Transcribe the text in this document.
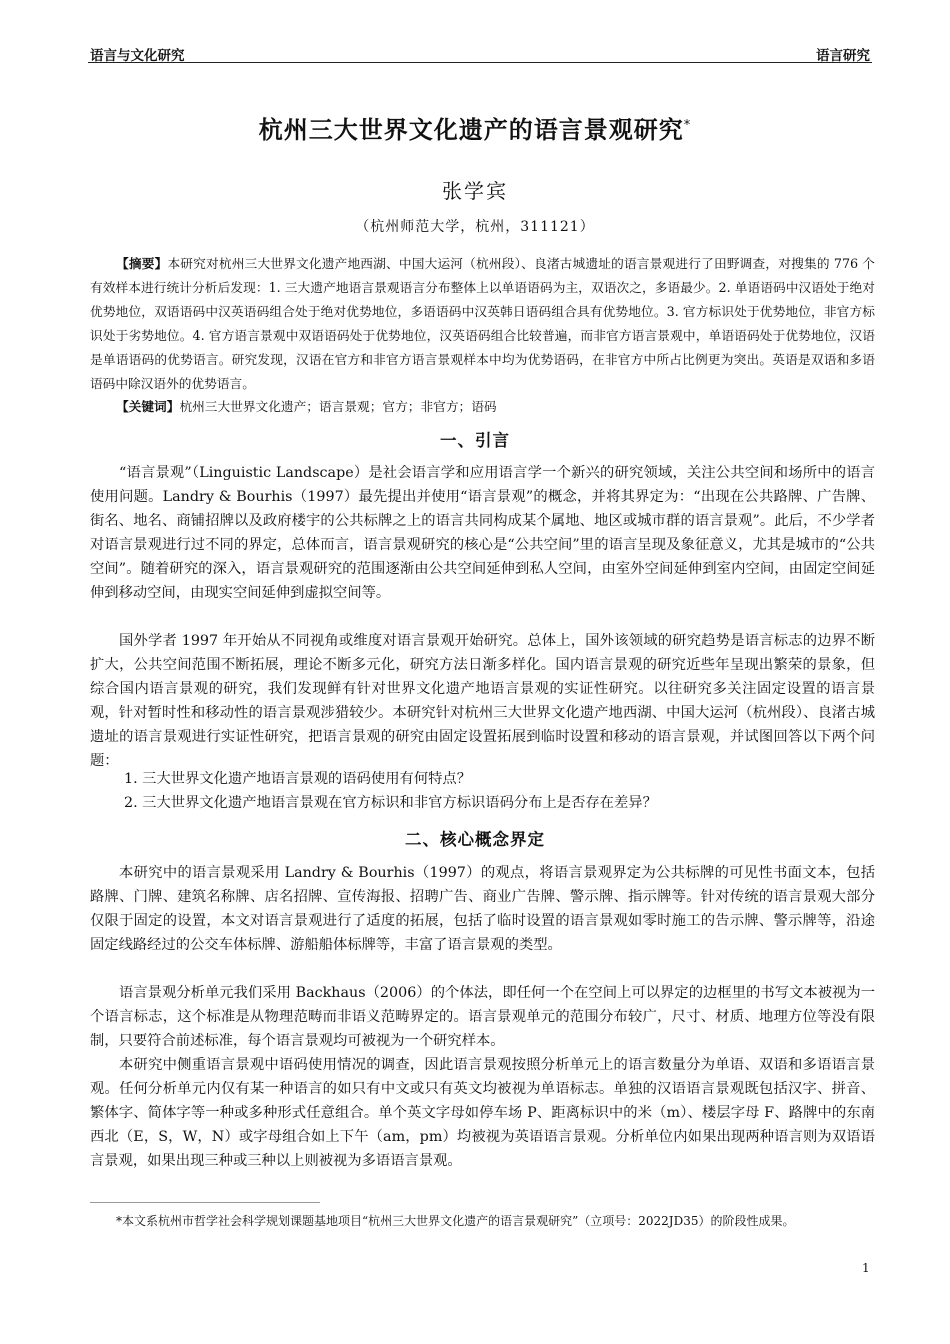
语言与文化研究	语言研究
杭州三大世界文化遗产的语言景观研究*
张学宾
（杭州师范大学，杭州，311121）
【摘要】本研究对杭州三大世界文化遗产地西湖、中国大运河（杭州段）、良渚古城遗址的语言景观进行了田野调查，对搜集的 776 个有效样本进行统计分析后发现：1. 三大遗产地语言景观语言分布整体上以单语语码为主，双语次之，多语最少。2. 单语语码中汉语处于绝对优势地位，双语语码中汉英语码组合处于绝对优势地位，多语语码中汉英韩日语码组合具有优势地位。3. 官方标识处于优势地位，非官方标识处于劣势地位。4. 官方语言景观中双语语码处于优势地位，汉英语码组合比较普遍，而非官方语言景观中，单语语码处于优势地位，汉语是单语语码的优势语言。研究发现，汉语在官方和非官方语言景观样本中均为优势语码，在非官方中所占比例更为突出。英语是双语和多语语码中除汉语外的优势语言。
【关键词】杭州三大世界文化遗产；语言景观；官方；非官方；语码
一、引言
“语言景观”（Linguistic Landscape）是社会语言学和应用语言学一个新兴的研究领域，关注公共空间和场所中的语言使用问题。Landry & Bourhis（1997）最先提出并使用“语言景观”的概念，并将其界定为：“出现在公共路牌、广告牌、街名、地名、商铺招牌以及政府楼宇的公共标牌之上的语言共同构成某个属地、地区或城市群的语言景观”。此后，不少学者对语言景观进行过不同的界定，总体而言，语言景观研究的核心是“公共空间”里的语言呈现及象征意义，尤其是城市的“公共空间”。随着研究的深入，语言景观研究的范围逐渐由公共空间延伸到私人空间，由室外空间延伸到室内空间，由固定空间延伸到移动空间，由现实空间延伸到虚拟空间等。
国外学者 1997 年开始从不同视角或维度对语言景观开始研究。总体上，国外该领域的研究趋势是语言标志的边界不断扩大，公共空间范围不断拓展，理论不断多元化，研究方法日渐多样化。国内语言景观的研究近些年呈现出繁荣的景象，但综合国内语言景观的研究，我们发现鲜有针对世界文化遗产地语言景观的实证性研究。以往研究多关注固定设置的语言景观，针对暂时性和移动性的语言景观涉猎较少。本研究针对杭州三大世界文化遗产地西湖、中国大运河（杭州段）、良渚古城遗址的语言景观进行实证性研究，把语言景观的研究由固定设置拓展到临时设置和移动的语言景观，并试图回答以下两个问题：
1. 三大世界文化遗产地语言景观的语码使用有何特点？
2. 三大世界文化遗产地语言景观在官方标识和非官方标识语码分布上是否存在差异？
二、核心概念界定
本研究中的语言景观采用 Landry & Bourhis（1997）的观点，将语言景观界定为公共标牌的可见性书面文本，包括路牌、门牌、建筑名称牌、店名招牌、宣传海报、招聘广告、商业广告牌、警示牌、指示牌等。针对传统的语言景观大部分仅限于固定的设置，本文对语言景观进行了适度的拓展，包括了临时设置的语言景观如零时施工的告示牌、警示牌等，沿途固定线路经过的公交车体标牌、游船船体标牌等，丰富了语言景观的类型。
语言景观分析单元我们采用 Backhaus（2006）的个体法，即任何一个在空间上可以界定的边框里的书写文本被视为一个语言标志，这个标准是从物理范畴而非语义范畴界定的。语言景观单元的范围分布较广，尺寸、材质、地理方位等没有限制，只要符合前述标准，每个语言景观均可被视为一个研究样本。
本研究中侧重语言景观中语码使用情况的调查，因此语言景观按照分析单元上的语言数量分为单语、双语和多语语言景观。任何分析单元内仅有某一种语言的如只有中文或只有英文均被视为单语标志。单独的汉语语言景观既包括汉字、拼音、繁体字、简体字等一种或多种形式任意组合。单个英文字母如停车场 P、距离标识中的米（m）、楼层字母 F、路牌中的东南西北（E，S，W，N）或字母组合如上下午（am，pm）均被视为英语语言景观。分析单位内如果出现两种语言则为双语语言景观，如果出现三种或三种以上则被视为多语语言景观。
*本文系杭州市哲学社会科学规划课题基地项目“杭州三大世界文化遗产的语言景观研究”（立项号：2022JD35）的阶段性成果。
1
